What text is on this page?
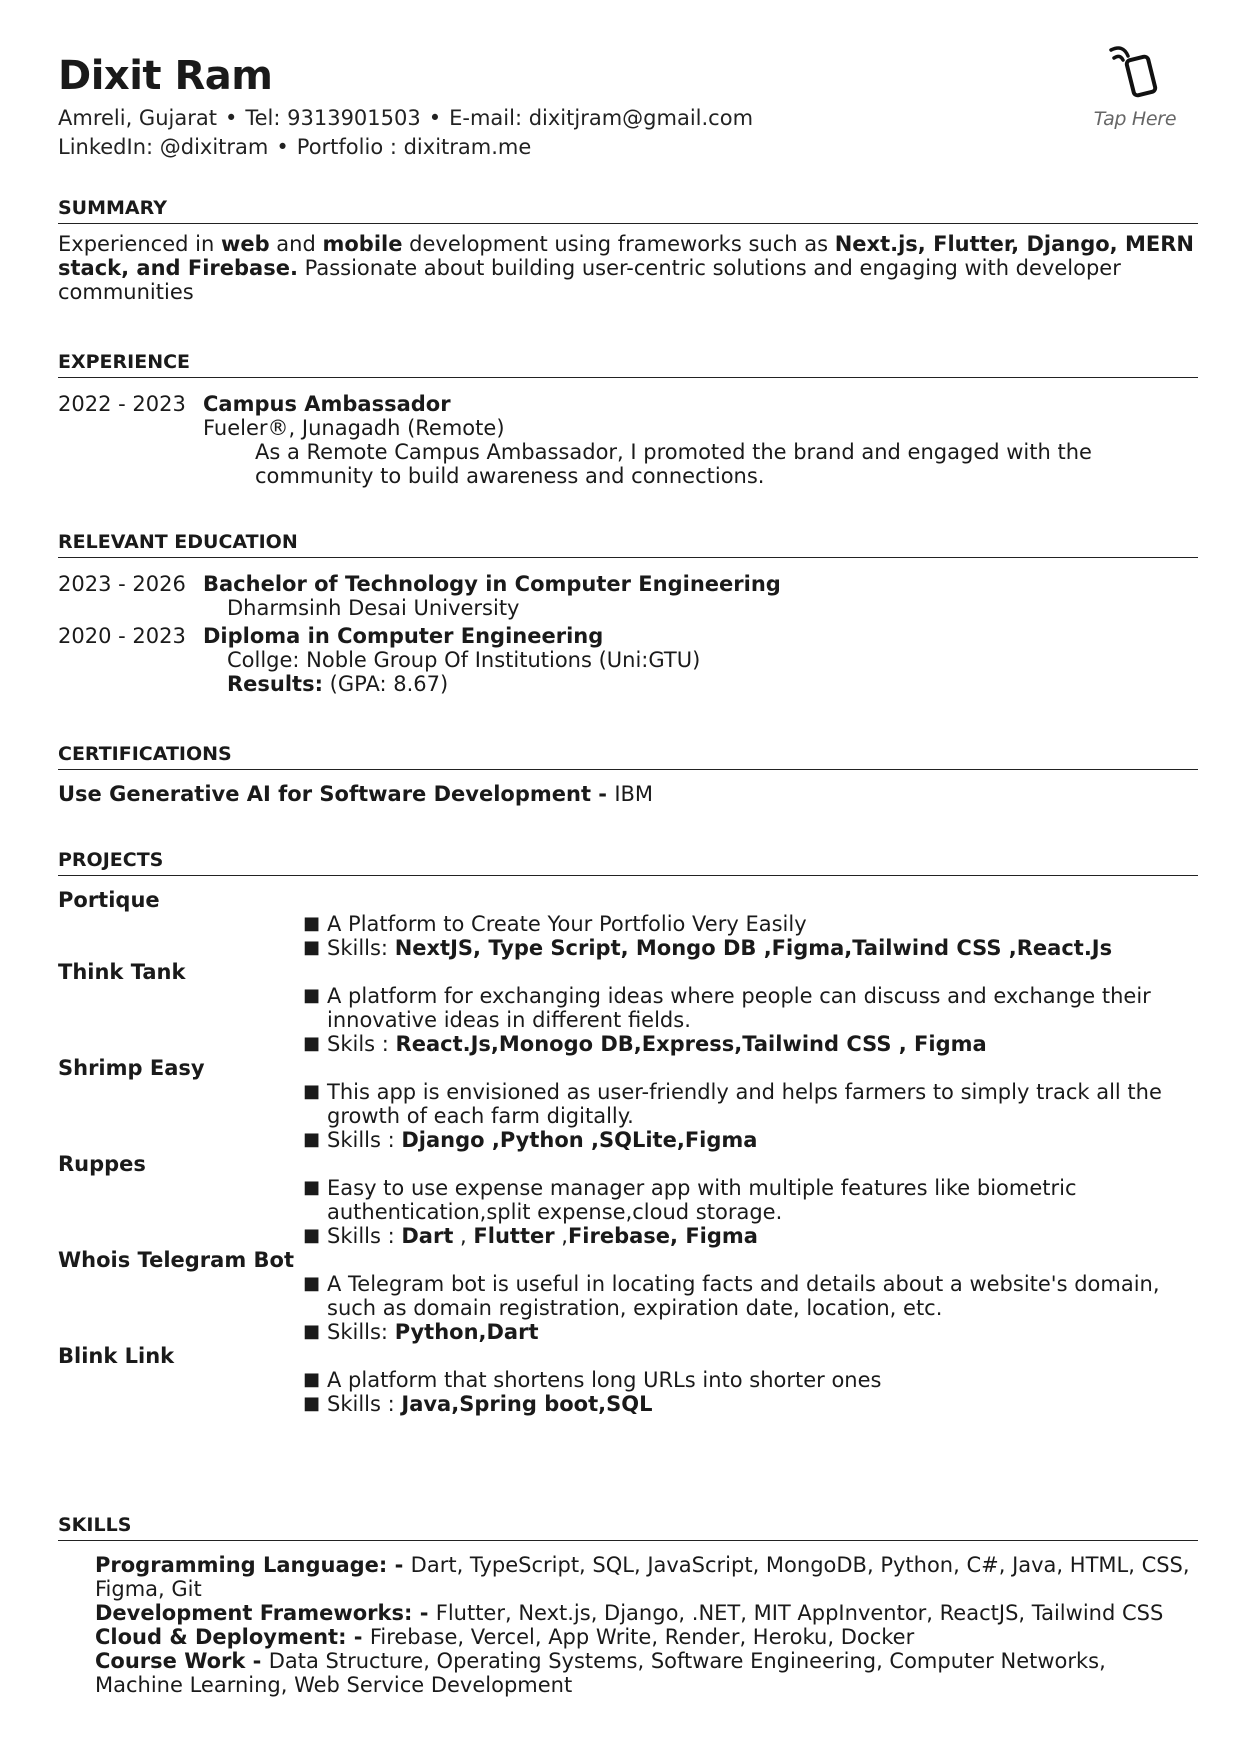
Dixit Ram
Amreli, Gujarat • Tel: 9313901503 • E-mail: dixitjram@gmail.com
LinkedIn: @dixitram • Portfolio : dixitram.me
Tap Here
SUMMARY
Experienced in web and mobile development using frameworks such as Next.js, Flutter, Django, MERN stack, and Firebase. Passionate about building user-centric solutions and engaging with developer communities
EXPERIENCE
2022 - 2023 Campus Ambassador
Fueler®, Junagadh (Remote)
As a Remote Campus Ambassador, I promoted the brand and engaged with the community to build awareness and connections.
RELEVANT EDUCATION
2023 - 2026 Bachelor of Technology in Computer Engineering
Dharmsinh Desai University
2020 - 2023 Diploma in Computer Engineering
Collge: Noble Group Of Institutions (Uni:GTU)
Results: (GPA: 8.67)
CERTIFICATIONS
Use Generative AI for Software Development - IBM
PROJECTS
Portique
■ A Platform to Create Your Portfolio Very Easily
■ Skills: NextJS, Type Script, Mongo DB ,Figma,Tailwind CSS ,React.Js
Think Tank
■ A platform for exchanging ideas where people can discuss and exchange their innovative ideas in different fields.
■ Skils : React.Js,Monogo DB,Express,Tailwind CSS , Figma
Shrimp Easy
■ This app is envisioned as user-friendly and helps farmers to simply track all the growth of each farm digitally.
■ Skills : Django ,Python ,SQLite,Figma
Ruppes
■ Easy to use expense manager app with multiple features like biometric authentication,split expense,cloud storage.
■ Skills : Dart , Flutter ,Firebase, Figma
Whois Telegram Bot
■ A Telegram bot is useful in locating facts and details about a website's domain, such as domain registration, expiration date, location, etc.
■ Skills: Python,Dart
Blink Link
■ A platform that shortens long URLs into shorter ones
■ Skills : Java,Spring boot,SQL
SKILLS
Programming Language: - Dart, TypeScript, SQL, JavaScript, MongoDB, Python, C#, Java, HTML, CSS, Figma, Git
Development Frameworks: - Flutter, Next.js, Django, .NET, MIT AppInventor, ReactJS, Tailwind CSS
Cloud & Deployment: - Firebase, Vercel, App Write, Render, Heroku, Docker
Course Work - Data Structure, Operating Systems, Software Engineering, Computer Networks, Machine Learning, Web Service Development
